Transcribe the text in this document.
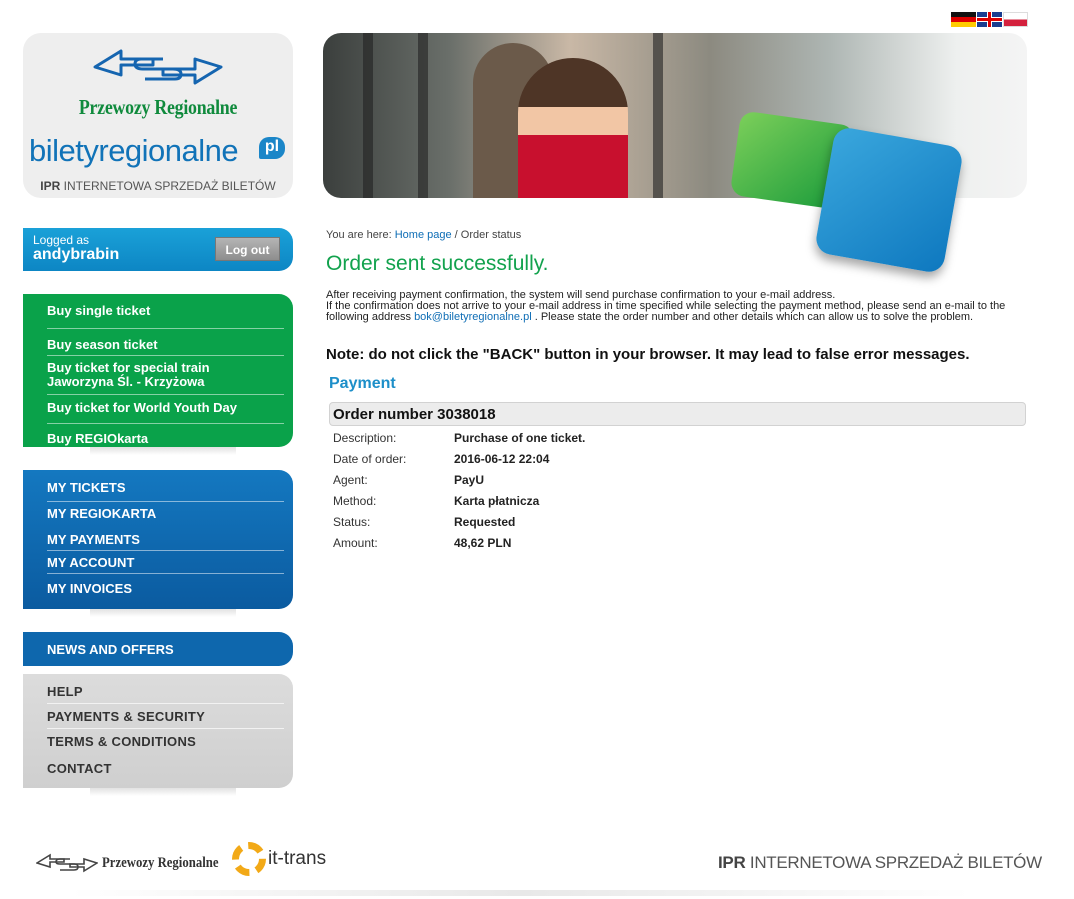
Przewozy Regionalne
biletyregionalne	pl
IPR INTERNETOWA SPRZEDAŻ BILETÓW
Logged as
andybrabin	Log out
Buy single ticket
Buy season ticket
Buy ticket for special train Jaworzyna Śl. - Krzyżowa
Buy ticket for World Youth Day
Buy REGIOkarta
MY TICKETS
MY REGIOKARTA
MY PAYMENTS
MY ACCOUNT
MY INVOICES
NEWS AND OFFERS
HELP
PAYMENTS & SECURITY
TERMS & CONDITIONS
CONTACT
You are here: Home page / Order status
Order sent successfully.
After receiving payment confirmation, the system will send purchase confirmation to your e-mail address.
If the confirmation does not arrive to your e-mail address in time specified while selecting the payment method, please send an e-mail to the following address bok@biletyregionalne.pl . Please state the order number and other details which can allow us to solve the problem.
Note: do not click the "BACK" button in your browser. It may lead to false error messages.
Payment
Order number 3038018
Description:	Purchase of one ticket.
Date of order:	2016-06-12 22:04
Agent:	PayU
Method:	Karta płatnicza
Status:	Requested
Amount:	48,62 PLN
Przewozy Regionalne	it-trans	IPR INTERNETOWA SPRZEDAŻ BILETÓW
